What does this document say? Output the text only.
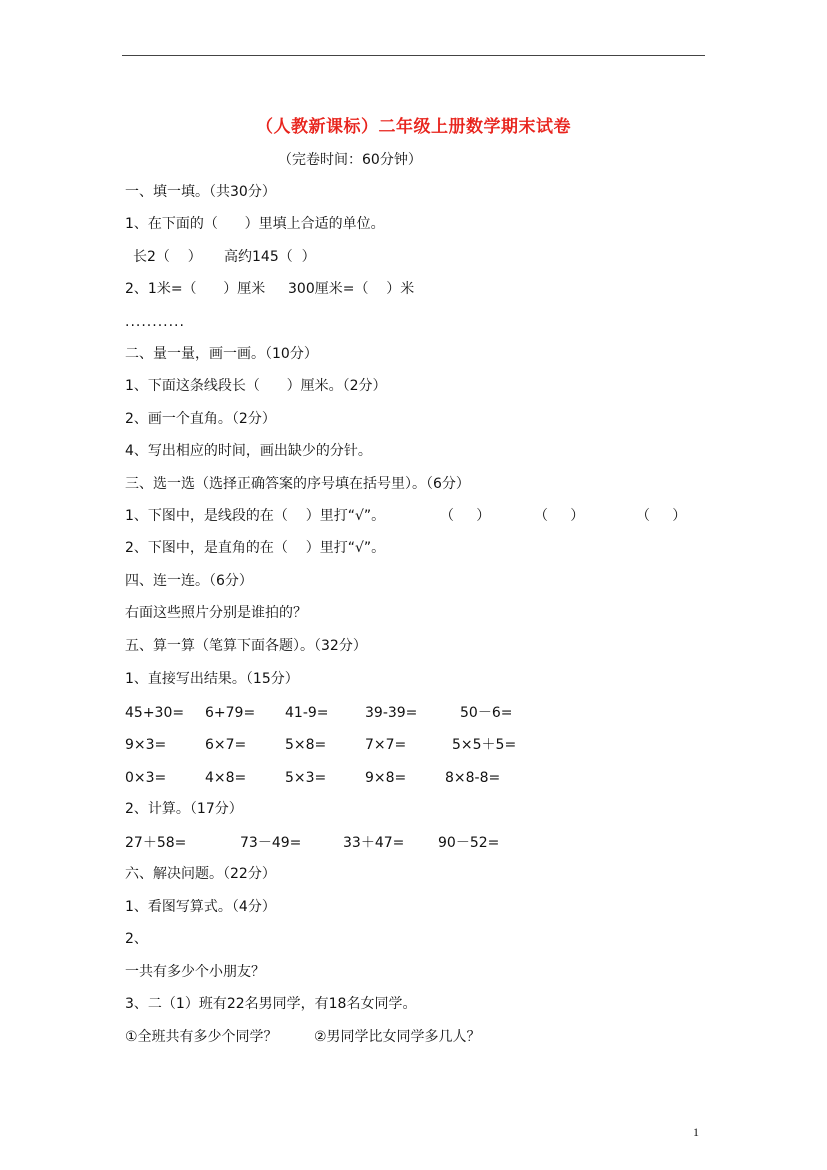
（人教新课标）二年级上册数学期末试卷
（完卷时间：60分钟）
一、填一填。（共30分）
1、在下面的（      ）里填上合适的单位。
长2（    ） 高约145（  ）
2、1米=（      ）厘米 300厘米=（    ）米
...........
二、量一量，画一画。（10分）
1、下面这条线段长（      ）厘米。（2分）
2、画一个直角。（2分）
4、写出相应的时间，画出缺少的分针。
三、选一选（选择正确答案的序号填在括号里）。（6分）
1、下图中，是线段的在（    ）里打“√”。	（     ）	（     ）	（     ）
2、下图中，是直角的在（    ）里打“√”。
四、连一连。（6分）
右面这些照片分别是谁拍的？
五、算一算（笔算下面各题）。（32分）
1、直接写出结果。（15分）
45+30= 6+79= 41-9=	39-39=	50－6=
9×3=	6×7=	5×8=	7×7=	5×5＋5=
0×3=	4×8=	5×3=	9×8=	8×8-8=
2、计算。（17分）
27＋58=	73－49=	33＋47= 90－52=
六、解决问题。（22分）
1、看图写算式。（4分）
2、
一共有多少个小朋友？
3、二（1）班有22名男同学，有18名女同学。
①全班共有多少个同学？	②男同学比女同学多几人？
1
